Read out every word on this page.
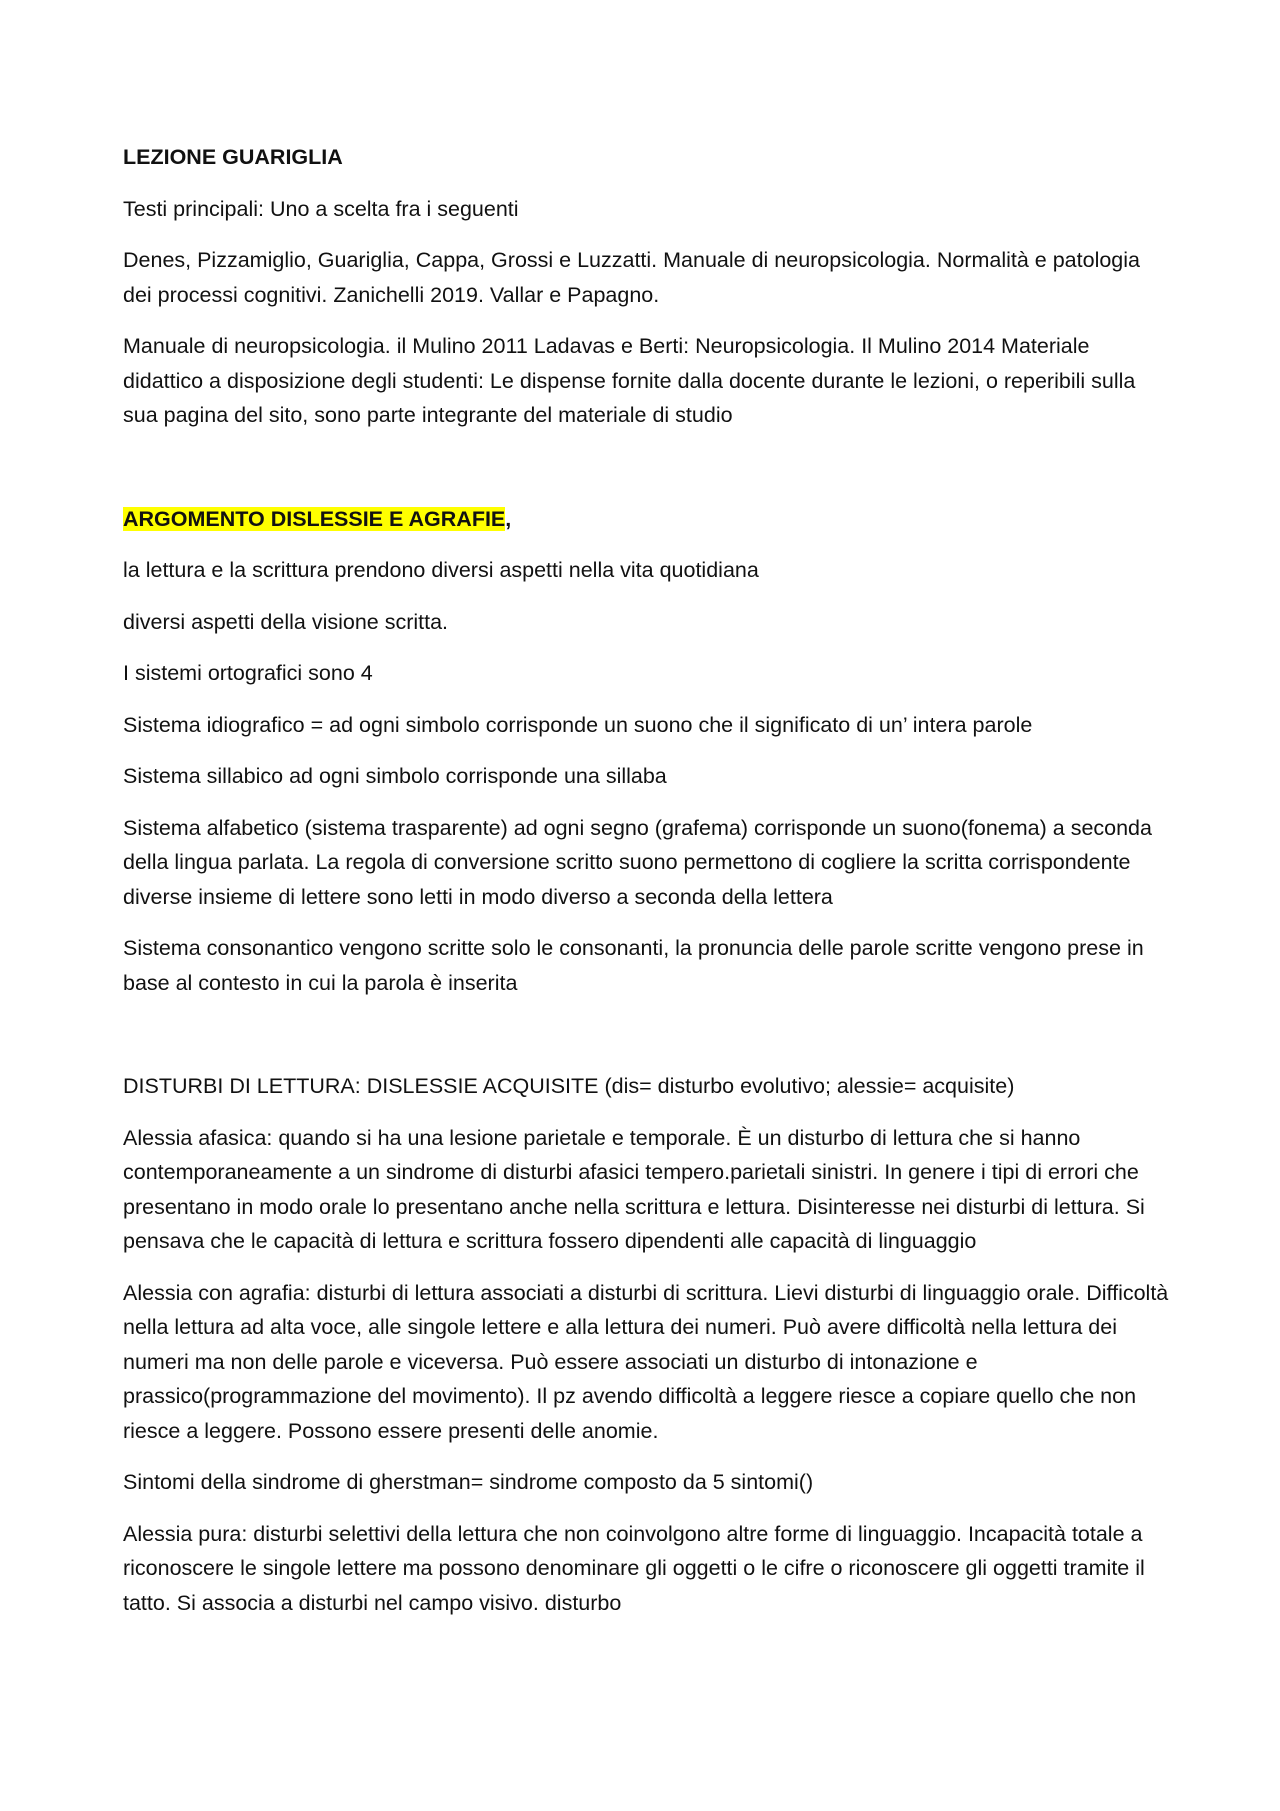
LEZIONE GUARIGLIA

Testi principali: Uno a scelta fra i seguenti

Denes, Pizzamiglio, Guariglia, Cappa, Grossi e Luzzatti. Manuale di neuropsicologia. Normalità e patologia dei processi cognitivi. Zanichelli 2019. Vallar e Papagno.

Manuale di neuropsicologia. il Mulino 2011 Ladavas e Berti: Neuropsicologia. Il Mulino 2014 Materiale didattico a disposizione degli studenti: Le dispense fornite dalla docente durante le lezioni, o reperibili sulla sua pagina del sito, sono parte integrante del materiale di studio

ARGOMENTO DISLESSIE E AGRAFIE,

la lettura e la scrittura prendono diversi aspetti nella vita quotidiana

diversi aspetti della visione scritta.

I sistemi ortografici sono 4

Sistema idiografico = ad ogni simbolo corrisponde un suono che il significato di un’ intera parole

Sistema sillabico ad ogni simbolo corrisponde una sillaba

Sistema alfabetico (sistema trasparente) ad ogni segno (grafema) corrisponde un suono(fonema) a seconda della lingua parlata. La regola di conversione scritto suono permettono di cogliere la scritta corrispondente diverse insieme di lettere sono letti in modo diverso a seconda della lettera

Sistema consonantico vengono scritte solo le consonanti, la pronuncia delle parole scritte vengono prese in base al contesto in cui la parola è inserita

DISTURBI DI LETTURA: DISLESSIE ACQUISITE (dis= disturbo evolutivo; alessie= acquisite)

Alessia afasica: quando si ha una lesione parietale e temporale. È un disturbo di lettura che si hanno contemporaneamente a un sindrome di disturbi afasici tempero.parietali sinistri. In genere i tipi di errori che presentano in modo orale lo presentano anche nella scrittura e lettura. Disinteresse nei disturbi di lettura. Si pensava che le capacità di lettura e scrittura fossero dipendenti alle capacità di linguaggio

Alessia con agrafia: disturbi di lettura associati a disturbi di scrittura. Lievi disturbi di linguaggio orale. Difficoltà nella lettura ad alta voce, alle singole lettere e alla lettura dei numeri. Può avere difficoltà nella lettura dei numeri ma non delle parole e viceversa. Può essere associati un disturbo di intonazione e prassico(programmazione del movimento). Il pz avendo difficoltà a leggere riesce a copiare quello che non riesce a leggere. Possono essere presenti delle anomie.

Sintomi della sindrome di gherstman= sindrome composto da 5 sintomi()

Alessia pura: disturbi selettivi della lettura che non coinvolgono altre forme di linguaggio. Incapacità totale a riconoscere le singole lettere ma possono denominare gli oggetti o le cifre o riconoscere gli oggetti tramite il tatto. Si associa a disturbi nel campo visivo. disturbo
